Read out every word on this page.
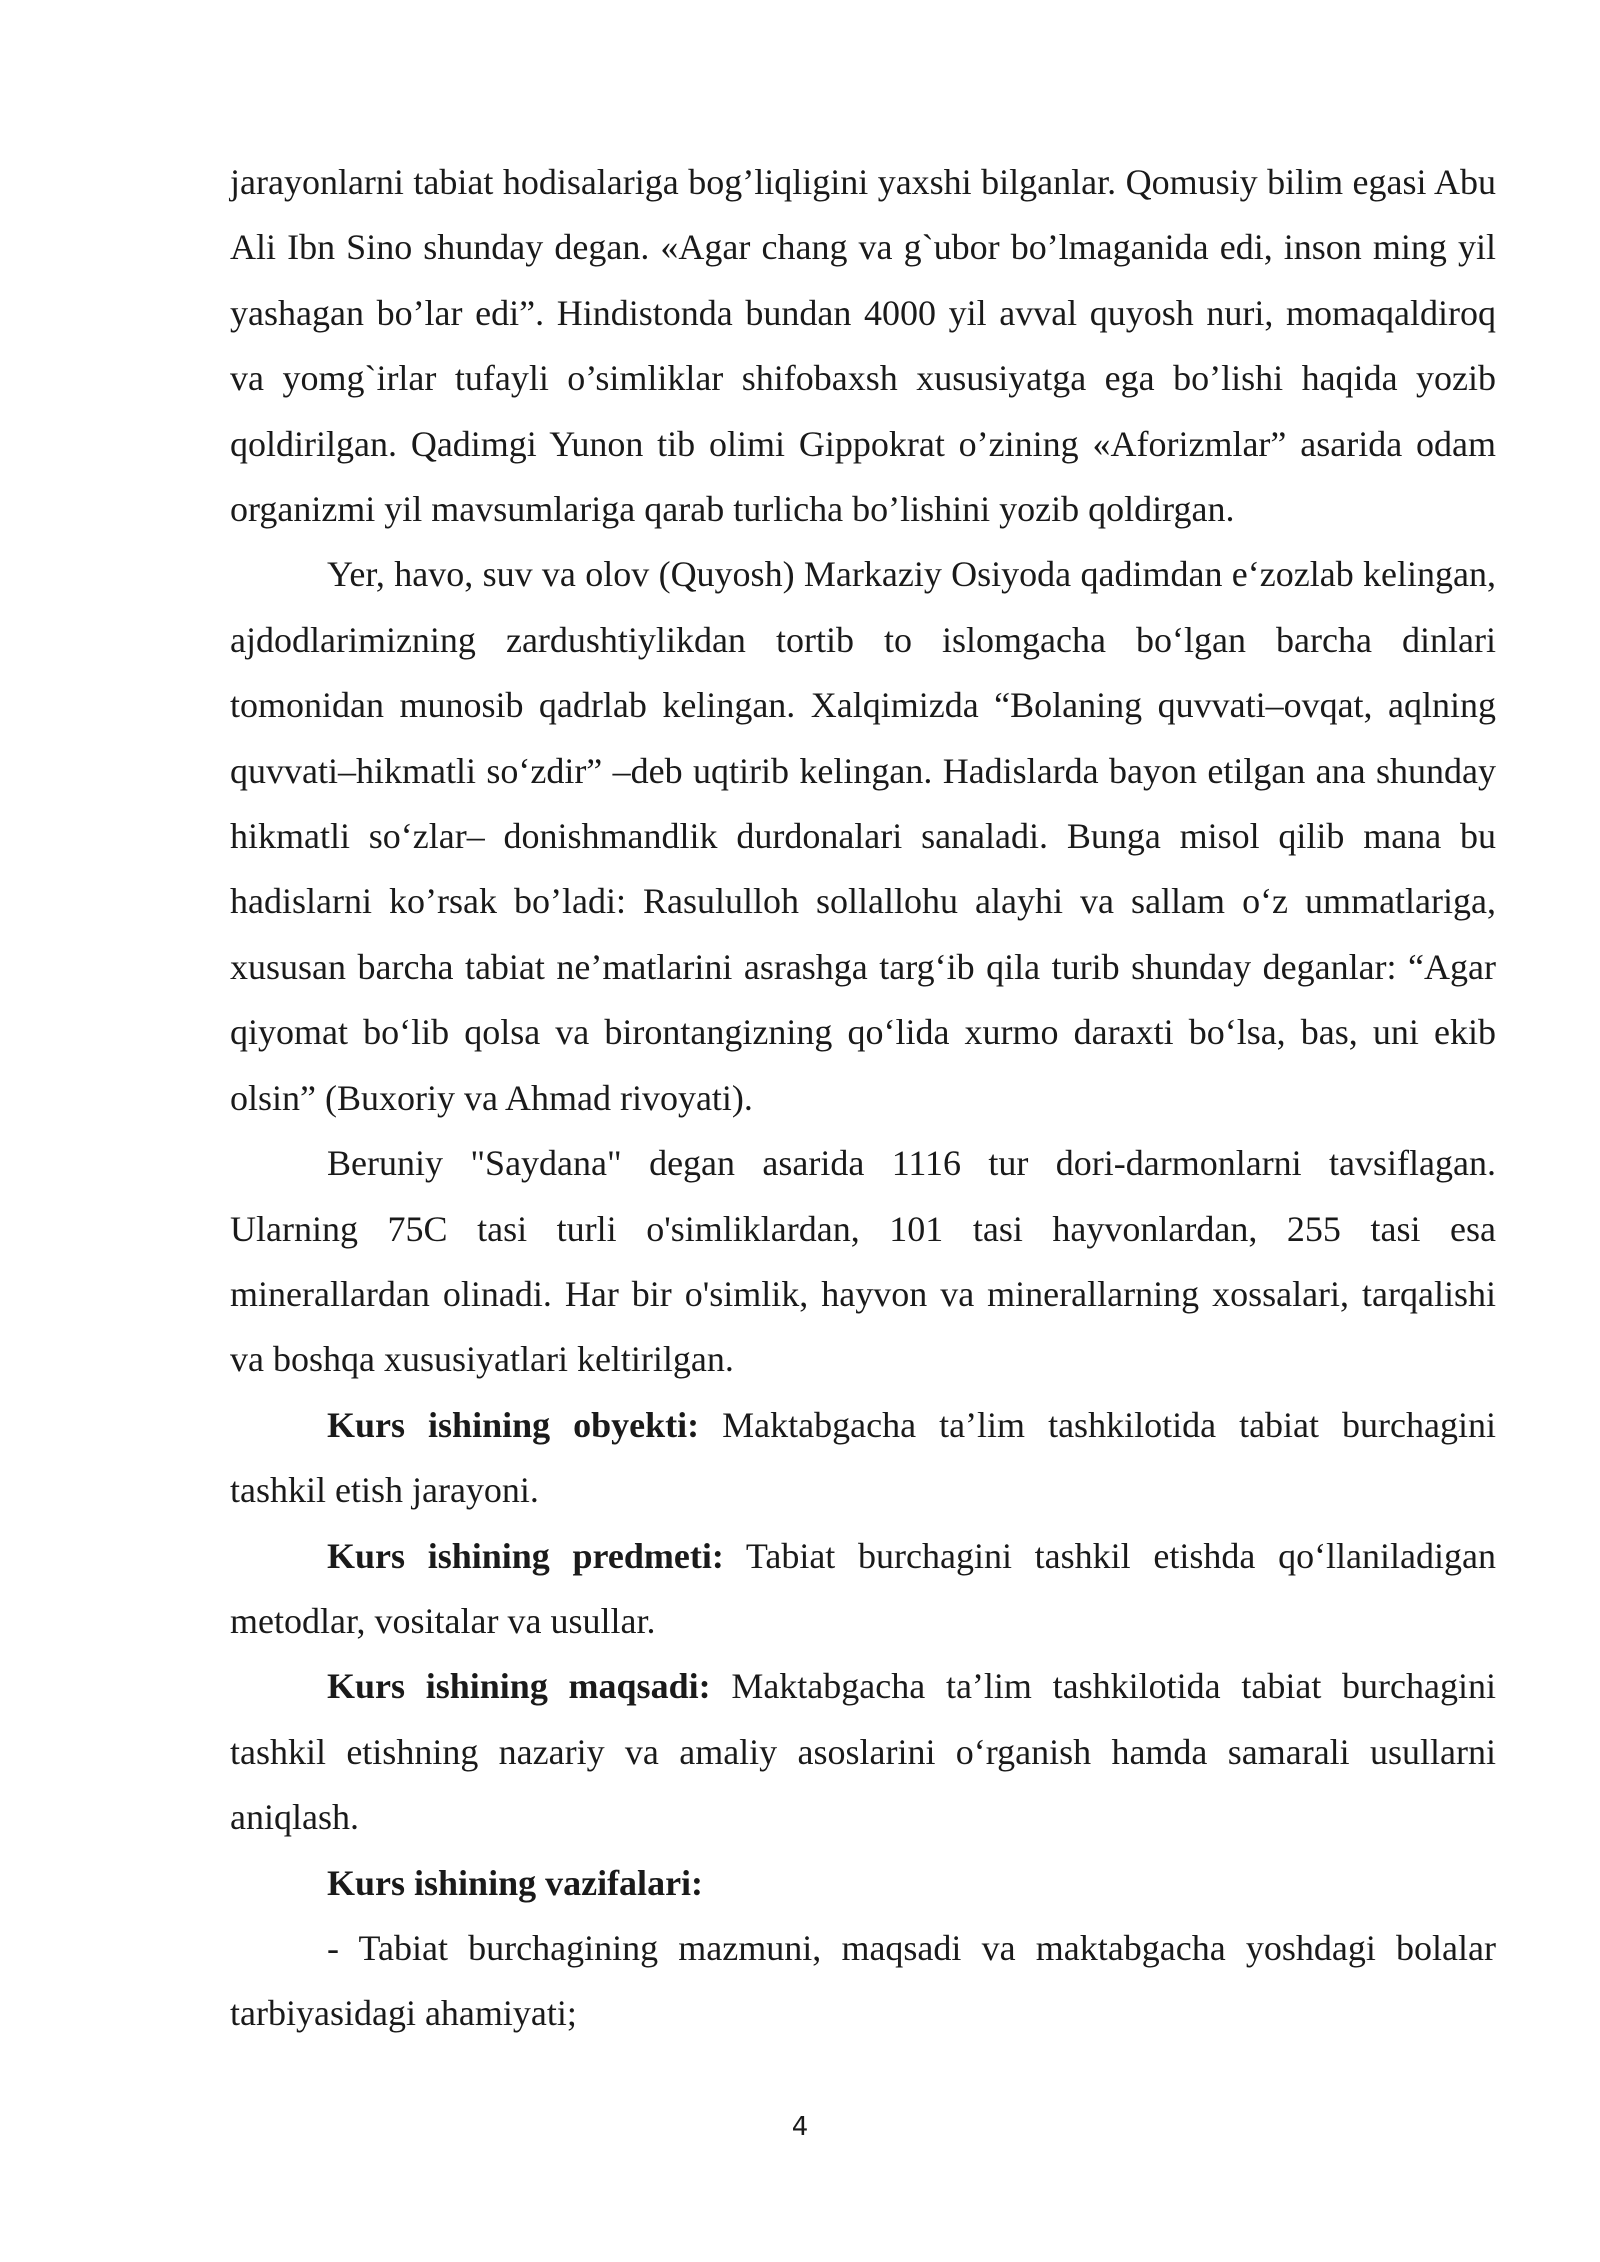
jarayonlarni tabiat hodisalariga bog’liqligini yaxshi bilganlar. Qomusiy bilim egasi Abu Ali Ibn Sino shunday degan. «Agar chang va g`ubor bo’lmaganida edi, inson ming yil yashagan bo’lar edi”. Hindistonda bundan 4000 yil avval quyosh nuri, momaqaldiroq va yomg`irlar tufayli o’simliklar shifobaxsh xususiyatga ega bo’lishi haqida yozib qoldirilgan. Qadimgi Yunon tib olimi Gippokrat o’zining «Aforizmlar” asarida odam organizmi yil mavsumlariga qarab turlicha bo’lishini yozib qoldirgan.

Yer, havo, suv va olov (Quyosh) Markaziy Osiyoda qadimdan e‘zozlab kelingan, ajdodlarimizning zardushtiylikdan tortib to islomgacha bo‘lgan barcha dinlari tomonidan munosib qadrlab kelingan. Xalqimizda “Bolaning quvvati–ovqat, aqlning quvvati–hikmatli so‘zdir” –deb uqtirib kelingan. Hadislarda bayon etilgan ana shunday hikmatli so‘zlar– donishmandlik durdonalari sanaladi. Bunga misol qilib mana bu hadislarni ko’rsak bo’ladi: Rasululloh sollallohu alayhi va sallam o‘z ummatlariga, xususan barcha tabiat ne’matlarini asrashga targ‘ib qila turib shunday deganlar: “Agar qiyomat bo‘lib qolsa va birontangizning qo‘lida xurmo daraxti bo‘lsa, bas, uni ekib olsin” (Buxoriy va Ahmad rivoyati).

Beruniy "Saydana" degan asarida 1116 tur dori-darmonlarni tavsiflagan. Ularning 75C tasi turli o'simliklardan, 101 tasi hayvonlardan, 255 tasi esa minerallardan olinadi. Har bir o'simlik, hayvon va minerallarning xossalari, tarqalishi va boshqa xususiyatlari keltirilgan.

Kurs ishining obyekti: Maktabgacha ta’lim tashkilotida tabiat burchagini tashkil etish jarayoni.

Kurs ishining predmeti: Tabiat burchagini tashkil etishda qo‘llaniladigan metodlar, vositalar va usullar.

Kurs ishining maqsadi: Maktabgacha ta’lim tashkilotida tabiat burchagini tashkil etishning nazariy va amaliy asoslarini o‘rganish hamda samarali usullarni aniqlash.

Kurs ishining vazifalari:

- Tabiat burchagining mazmuni, maqsadi va maktabgacha yoshdagi bolalar tarbiyasidagi ahamiyati;

4
